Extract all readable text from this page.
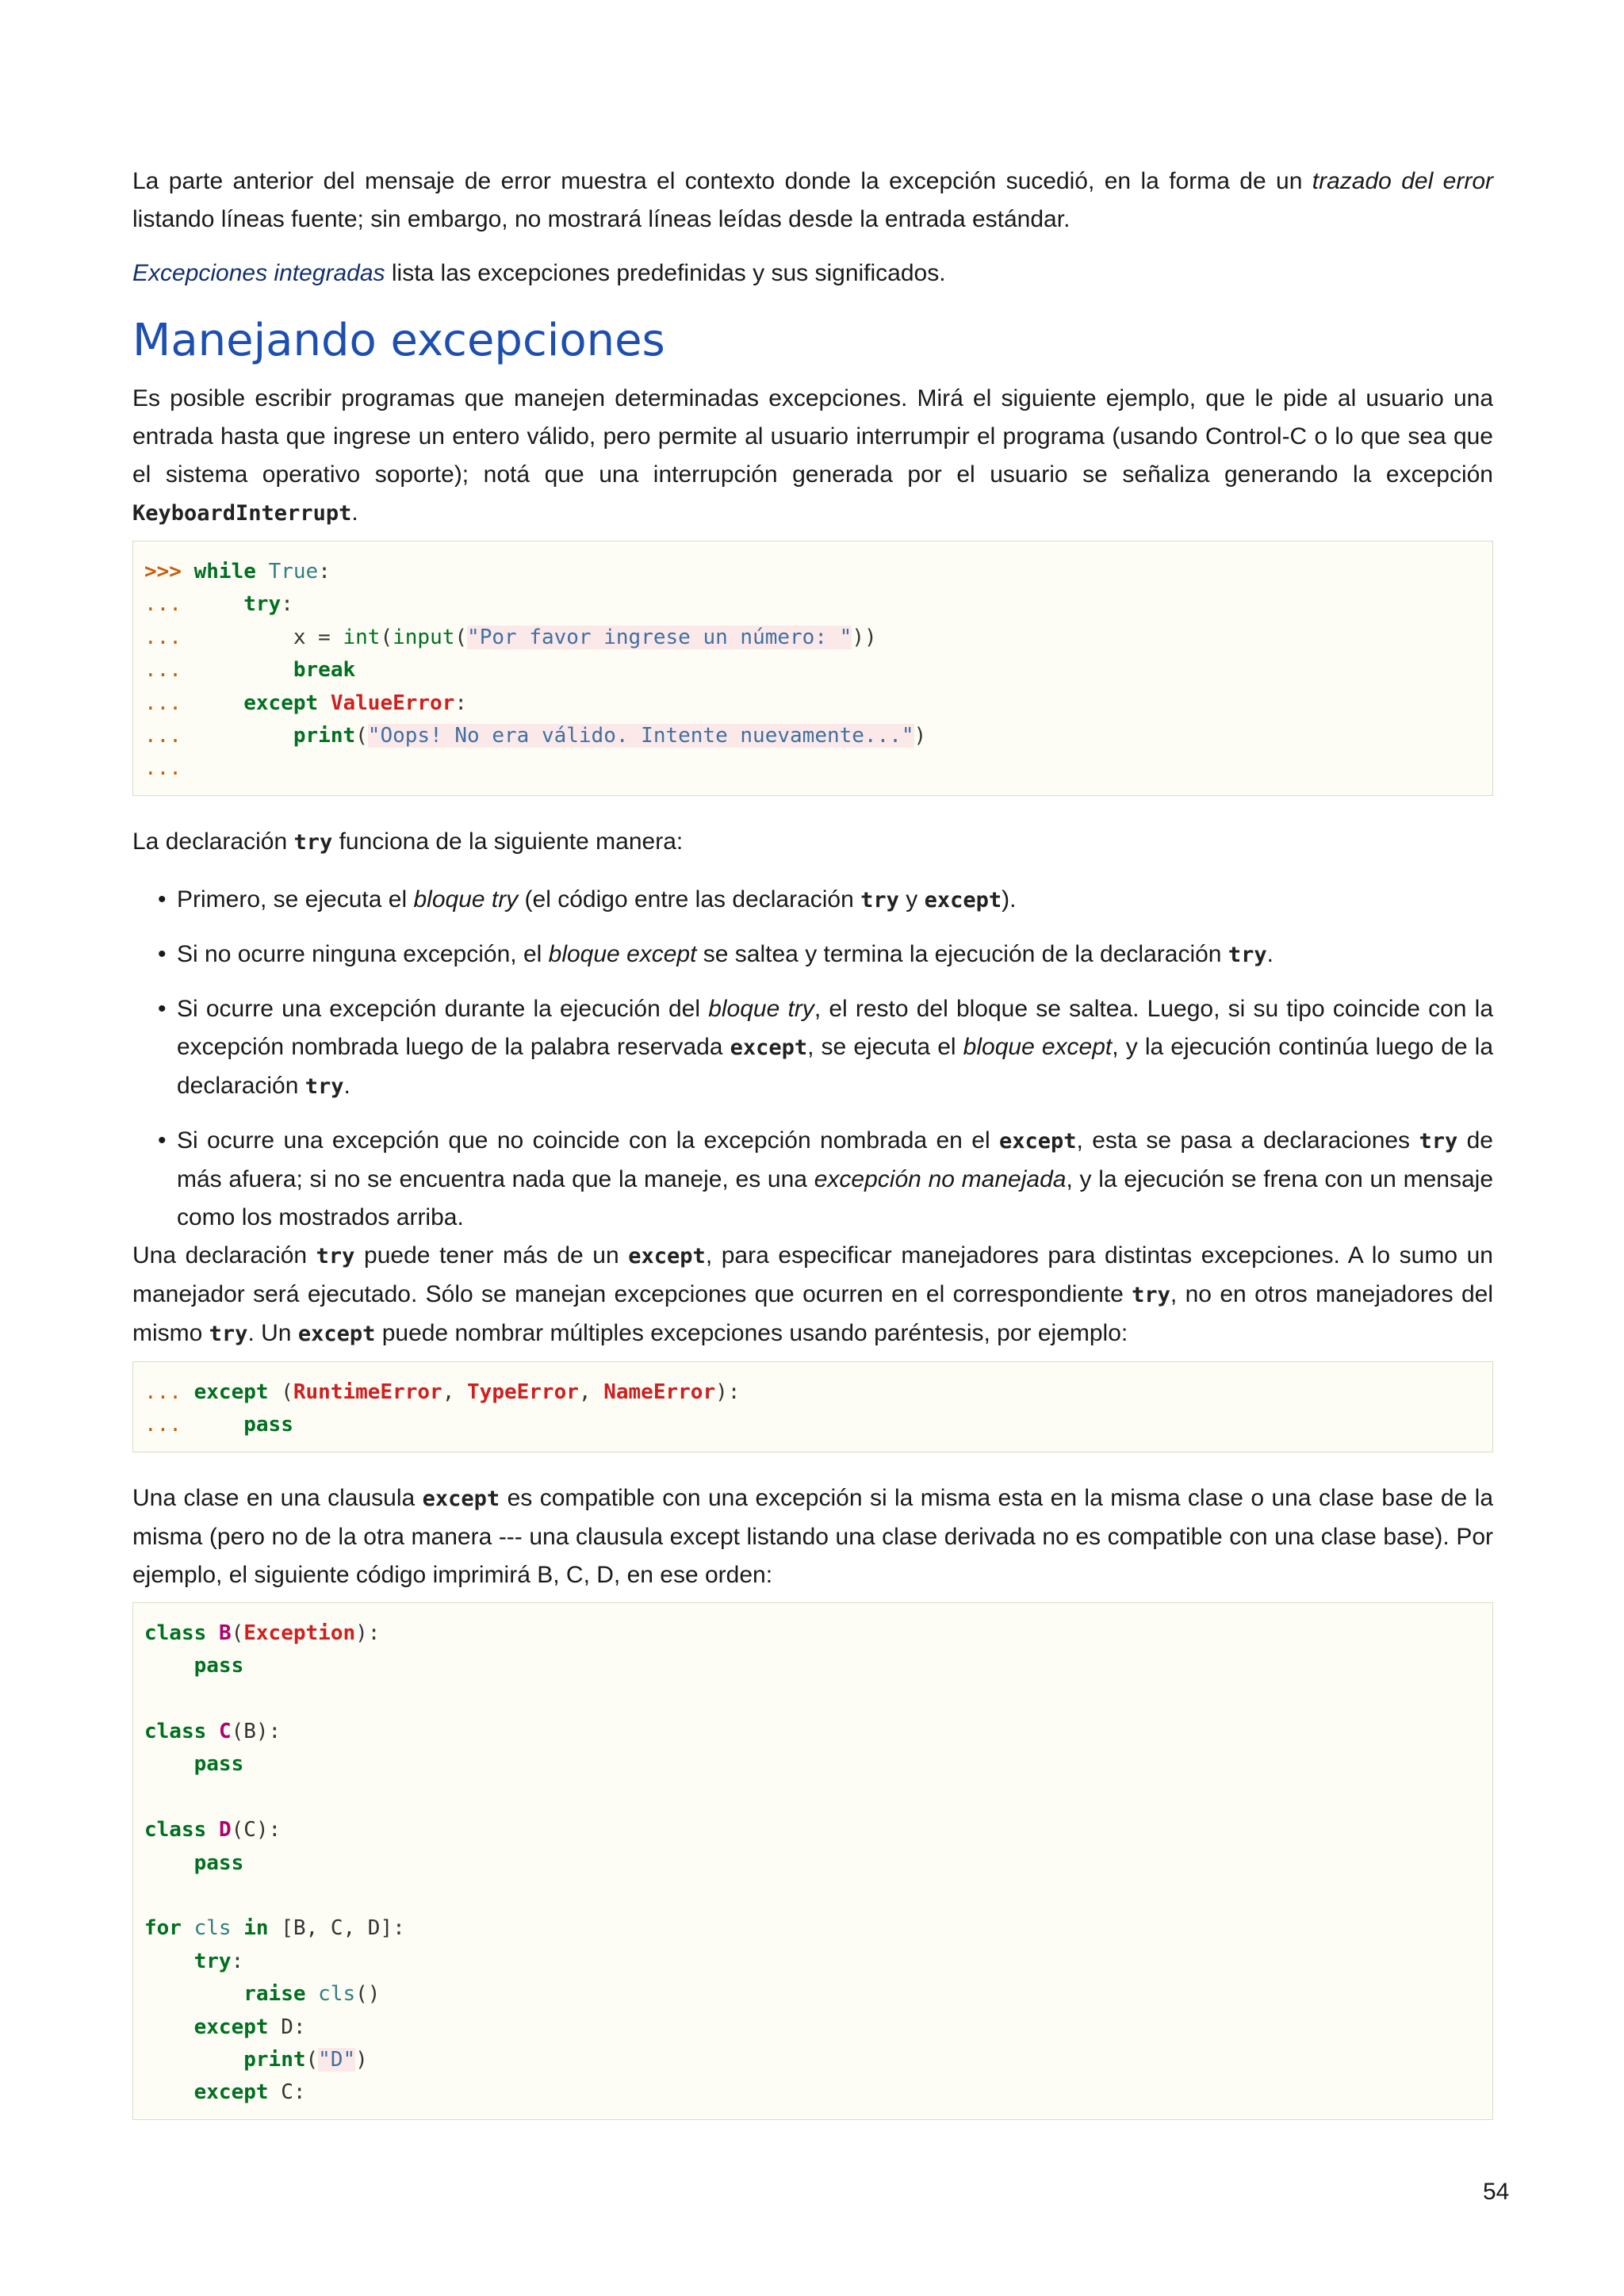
La parte anterior del mensaje de error muestra el contexto donde la excepción sucedió, en la forma de un trazado del error listando líneas fuente; sin embargo, no mostrará líneas leídas desde la entrada estándar.

Excepciones integradas lista las excepciones predefinidas y sus significados.

Manejando excepciones

Es posible escribir programas que manejen determinadas excepciones. Mirá el siguiente ejemplo, que le pide al usuario una entrada hasta que ingrese un entero válido, pero permite al usuario interrumpir el programa (usando Control-C o lo que sea que el sistema operativo soporte); notá que una interrupción generada por el usuario se señaliza generando la excepción KeyboardInterrupt.

>>> while True:
...	try:
...	x = int(input("Por favor ingrese un número: "))
...	break
...	except ValueError:
...	print("Oops! No era válido. Intente nuevamente...")
...

La declaración try funciona de la siguiente manera:

• Primero, se ejecuta el bloque try (el código entre las declaración try y except).
• Si no ocurre ninguna excepción, el bloque except se saltea y termina la ejecución de la declaración try.
• Si ocurre una excepción durante la ejecución del bloque try, el resto del bloque se saltea. Luego, si su tipo coincide con la excepción nombrada luego de la palabra reservada except, se ejecuta el bloque except, y la ejecución continúa luego de la declaración try.
• Si ocurre una excepción que no coincide con la excepción nombrada en el except, esta se pasa a declaraciones try de más afuera; si no se encuentra nada que la maneje, es una excepción no manejada, y la ejecución se frena con un mensaje como los mostrados arriba.

Una declaración try puede tener más de un except, para especificar manejadores para distintas excepciones. A lo sumo un manejador será ejecutado. Sólo se manejan excepciones que ocurren en el correspondiente try, no en otros manejadores del mismo try. Un except puede nombrar múltiples excepciones usando paréntesis, por ejemplo:

... except (RuntimeError, TypeError, NameError):
...	pass

Una clase en una clausula except es compatible con una excepción si la misma esta en la misma clase o una clase base de la misma (pero no de la otra manera --- una clausula except listando una clase derivada no es compatible con una clase base). Por ejemplo, el siguiente código imprimirá B, C, D, en ese orden:

class B(Exception):
pass

class C(B):
pass

class D(C):
pass

for cls in [B, C, D]:
try:
raise cls()
except D:
print("D")
except C:
54
